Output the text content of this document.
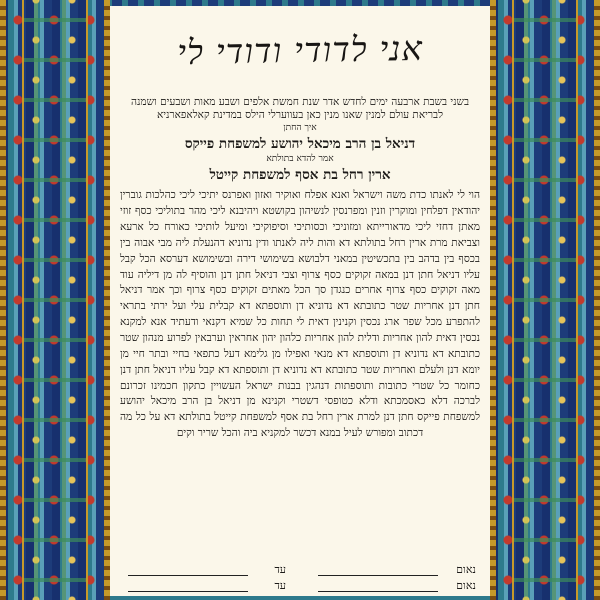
אני לדודי ודודי לי
בשני בשבת ארבעה ימים לחדש אדר שנת חמשת אלפים ושבע מאות ושבעים ושמנה לבריאת עולם למנין שאנו מנין כאן בעווערלי הילס במדינת קאלאפארניא
איך החתן
דניאל בן הרב מיכאל יהושע למשפחת פייקס
אמר להדא בתולתא
ארין רחל בת אסף למשפחת קייטל
הוי לי לאנתו כדת משה וישראל ואנא אפלח ואוקיר ואזון ואפרנס יתיכי ליכי כהלכות גוברין יהודאין דפלחין ומוקרין וזנין ומפרנסין לנשיהון בקושטא ויהיבנא ליכי מהר בתוליכי כסף זוזי מאתן דחזי ליכי מדאורייתא ומזוניכי וכסותיכי וסיפוקיכי ומיעל לותיכי כאורח כל ארעא וצביאת מרת ארין רחל בתולתא דא והות ליה לאנתו ודין נדוניא דהנעלת ליה מבי אבוה בין בכסף בין בדהב בין בתכשיטין במאני דלבושא בשימושי דירה ובשימושא דערסא הכל קבל עליו דניאל חתן דנן במאה זקוקים כסף צרוף וצבי דניאל חתן דנן והוסיף לה מן דיליה עוד מאה זקוקים כסף צרוף אחרים כנגדן סך הכל מאתים זקוקים כסף צרוף וכך אמר דניאל חתן דנן אחריות שטר כתובתא דא נדוניא דן ותוספתא דא קבלית עלי ועל ירתי בתראי להתפרע מכל שפר ארג נכסין וקנינין דאית לי תחות כל שמיא דקנאי ודעתיד אנא למקנא נכסין דאית להון אחריות ודלית להון אחריות כלהון יהון אחראין וערבאין לפרוע מנהון שטר כתובתא דא נדוניא דן ותוספתא דא מנאי ואפילו מן גלימא דעל כתפאי בחיי ובתר חיי מן יומא דנן ולעלם ואחריות שטר כתובתא דא נדוניא דן ותוספתא דא קבל עליו דניאל חתן דנן כחומר כל שטרי כתובות ותוספתות דנהגין בבנות ישראל העשויין כתקון חכמינו זכרונם לברכה דלא כאסמכתא ודלא כטופסי דשטרי וקנינא מן דניאל בן הרב מיכאל יהושע למשפחת פייקס חתן דנן למרת ארין רחל בת אסף למשפחת קייטל בתולתא דא על כל מה דכתוב ומפורש לעיל במנא דכשר למקניא ביה והכל שריר וקים
נאום
עד
נאום
עד
